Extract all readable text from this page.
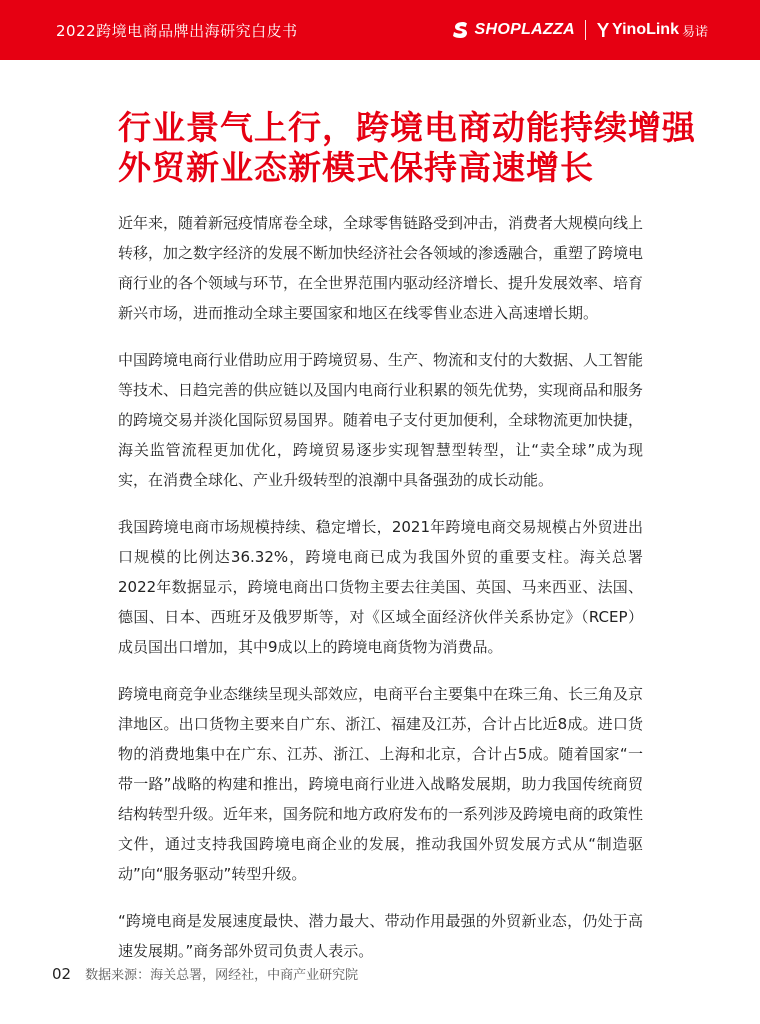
2022跨境电商品牌出海研究白皮书	SHOPLAZZA YinoLink 易诺
行业景气上行，跨境电商动能持续增强
外贸新业态新模式保持高速增长

近年来，随着新冠疫情席卷全球，全球零售链路受到冲击，消费者大规模向线上转移，加之数字经济的发展不断加快经济社会各领域的渗透融合，重塑了跨境电商行业的各个领域与环节，在全世界范围内驱动经济增长、提升发展效率、培育新兴市场，进而推动全球主要国家和地区在线零售业态进入高速增长期。

中国跨境电商行业借助应用于跨境贸易、生产、物流和支付的大数据、人工智能等技术、日趋完善的供应链以及国内电商行业积累的领先优势，实现商品和服务的跨境交易并淡化国际贸易国界。随着电子支付更加便利，全球物流更加快捷，海关监管流程更加优化，跨境贸易逐步实现智慧型转型，让“卖全球”成为现实，在消费全球化、产业升级转型的浪潮中具备强劲的成长动能。

我国跨境电商市场规模持续、稳定增长，2021年跨境电商交易规模占外贸进出口规模的比例达36.32%，跨境电商已成为我国外贸的重要支柱。海关总署2022年数据显示，跨境电商出口货物主要去往美国、英国、马来西亚、法国、德国、日本、西班牙及俄罗斯等，对《区域全面经济伙伴关系协定》（RCEP）成员国出口增加，其中9成以上的跨境电商货物为消费品。

跨境电商竞争业态继续呈现头部效应，电商平台主要集中在珠三角、长三角及京津地区。出口货物主要来自广东、浙江、福建及江苏，合计占比近8成。进口货物的消费地集中在广东、江苏、浙江、上海和北京，合计占5成。随着国家“一带一路”战略的构建和推出，跨境电商行业进入战略发展期，助力我国传统商贸结构转型升级。近年来，国务院和地方政府发布的一系列涉及跨境电商的政策性文件，通过支持我国跨境电商企业的发展，推动我国外贸发展方式从“制造驱动”向“服务驱动”转型升级。

“跨境电商是发展速度最快、潜力最大、带动作用最强的外贸新业态，仍处于高速发展期。”商务部外贸司负责人表示。

02 数据来源：海关总署，网经社，中商产业研究院
